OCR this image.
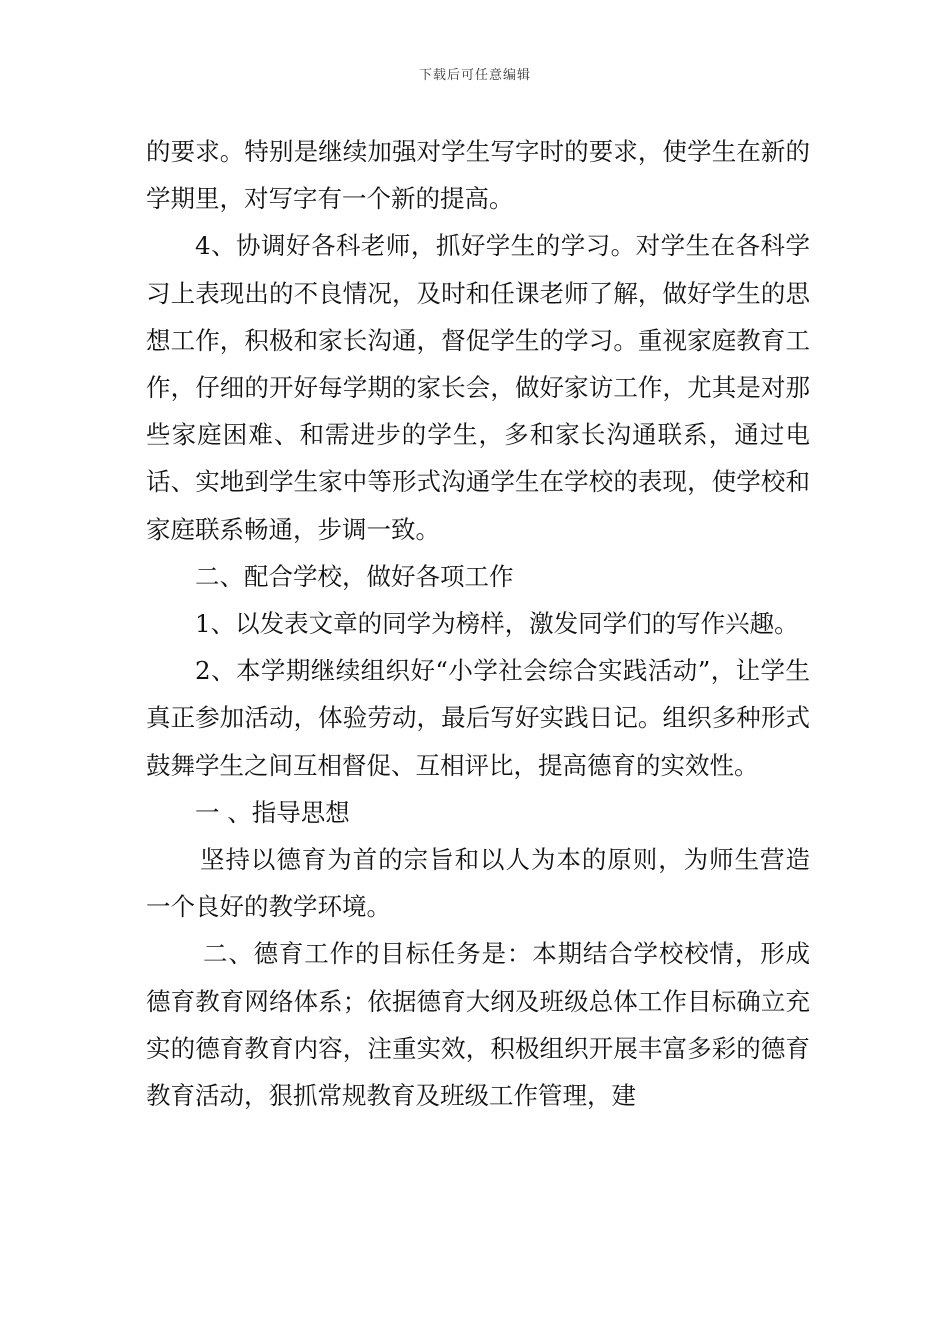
下载后可任意编辑

的要求。特别是继续加强对学生写字时的要求，使学生在新的学期里，对写字有一个新的提高。

4、协调好各科老师，抓好学生的学习。对学生在各科学习上表现出的不良情况，及时和任课老师了解，做好学生的思想工作，积极和家长沟通，督促学生的学习。重视家庭教育工作，仔细的开好每学期的家长会，做好家访工作，尤其是对那些家庭困难、和需进步的学生，多和家长沟通联系，通过电话、实地到学生家中等形式沟通学生在学校的表现，使学校和家庭联系畅通，步调一致。

二、配合学校，做好各项工作

1、以发表文章的同学为榜样，激发同学们的写作兴趣。

2、本学期继续组织好“小学社会综合实践活动”，让学生真正参加活动，体验劳动，最后写好实践日记。组织多种形式鼓舞学生之间互相督促、互相评比，提高德育的实效性。

一 、指导思想

坚持以德育为首的宗旨和以人为本的原则，为师生营造一个良好的教学环境。

二、德育工作的目标任务是：本期结合学校校情，形成德育教育网络体系；依据德育大纲及班级总体工作目标确立充实的德育教育内容，注重实效，积极组织开展丰富多彩的德育教育活动，狠抓常规教育及班级工作管理，建
